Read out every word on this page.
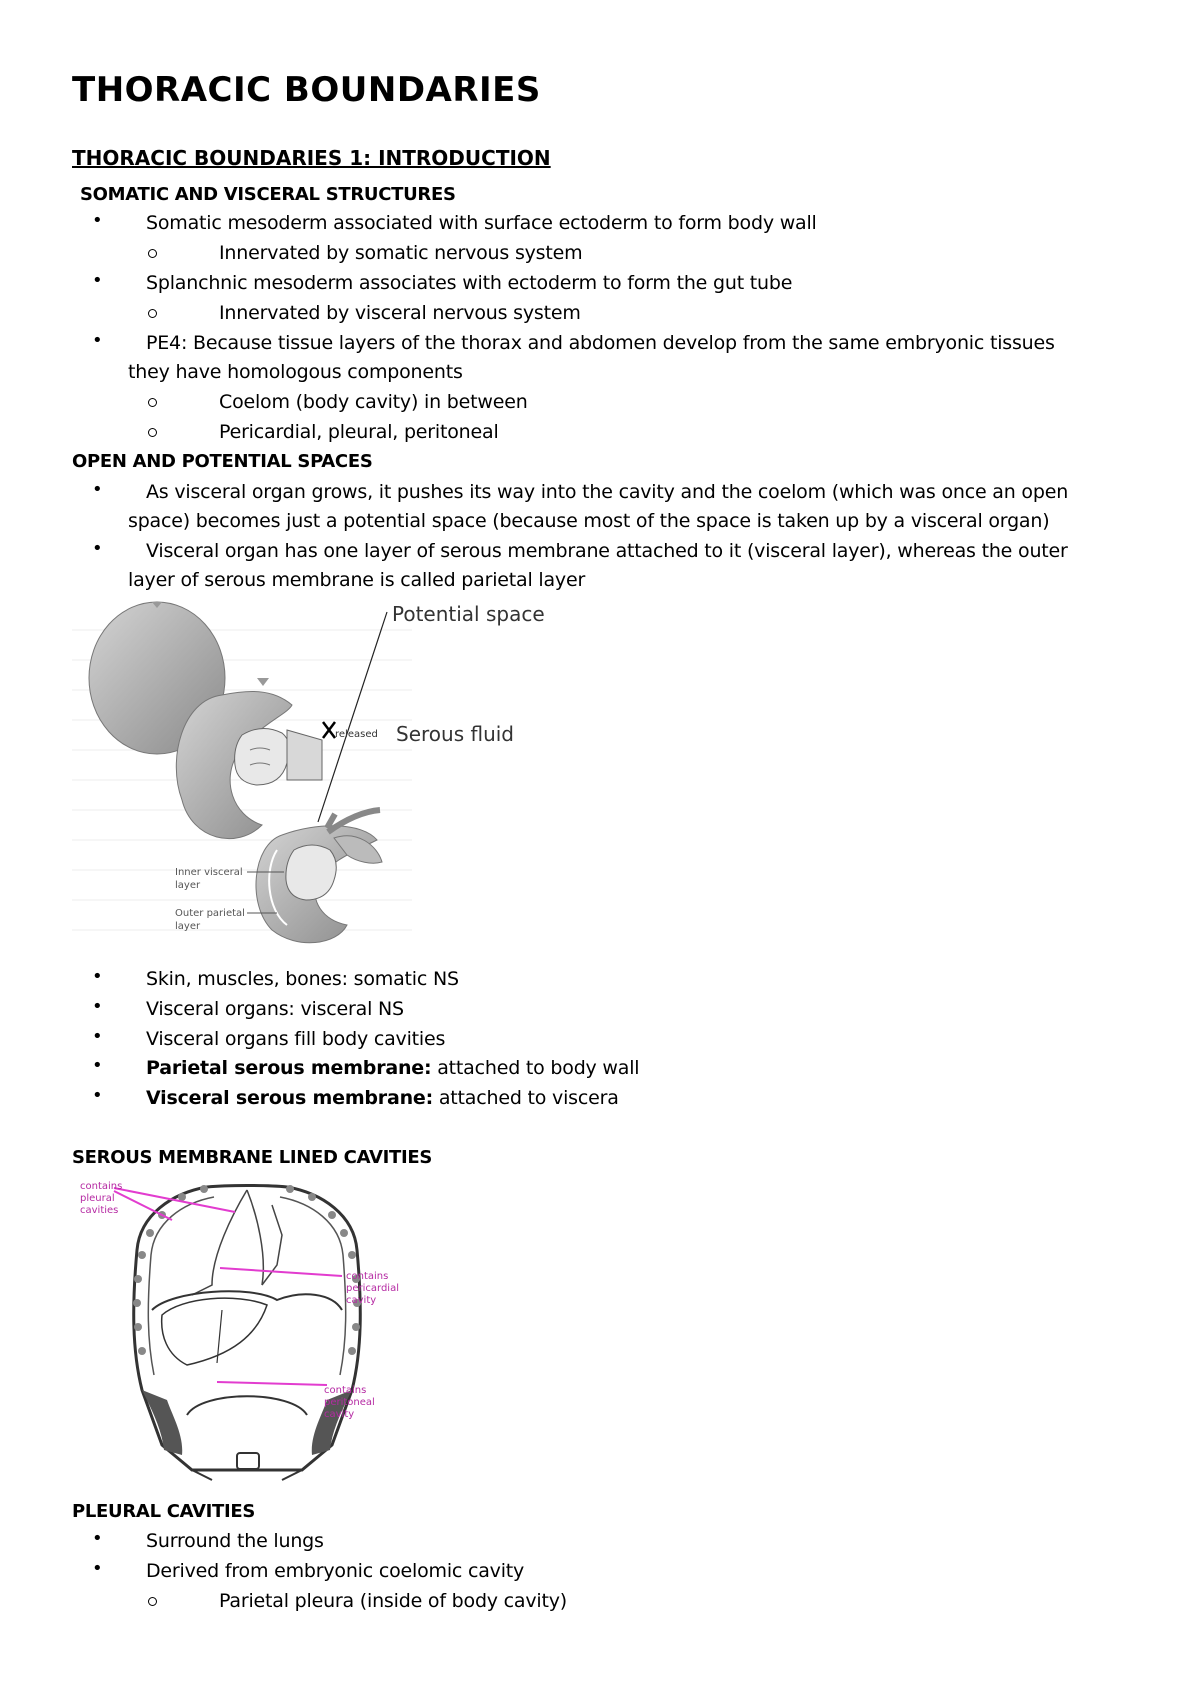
THORACIC BOUNDARIES
THORACIC BOUNDARIES 1: INTRODUCTION
SOMATIC AND VISCERAL STRUCTURES
• Somatic mesoderm associated with surface ectoderm to form body wall
Innervated by somatic nervous system
• Splanchnic mesoderm associates with ectoderm to form the gut tube
Innervated by visceral nervous system
• PE4: Because tissue layers of the thorax and abdomen develop from the same embryonic tissues
they have homologous components
Coelom (body cavity) in between
Pericardial, pleural, peritoneal
OPEN AND POTENTIAL SPACES
• As visceral organ grows, it pushes its way into the cavity and the coelom (which was once an open
space) becomes just a potential space (because most of the space is taken up by a visceral organ)
• Visceral organ has one layer of serous membrane attached to it (visceral layer), whereas the outer
layer of serous membrane is called parietal layer
Potential space
released Serous fluid
Inner visceral
layer
Outer parietal
layer
• Skin, muscles, bones: somatic NS
• Visceral organs: visceral NS
• Visceral organs fill body cavities
• Parietal serous membrane: attached to body wall
• Visceral serous membrane: attached to viscera
SEROUS MEMBRANE LINED CAVITIES
contains
pleural
cavities
contains
pericardial
cavity
contains
peritoneal
cavity
PLEURAL CAVITIES
• Surround the lungs
• Derived from embryonic coelomic cavity
Parietal pleura (inside of body cavity)
